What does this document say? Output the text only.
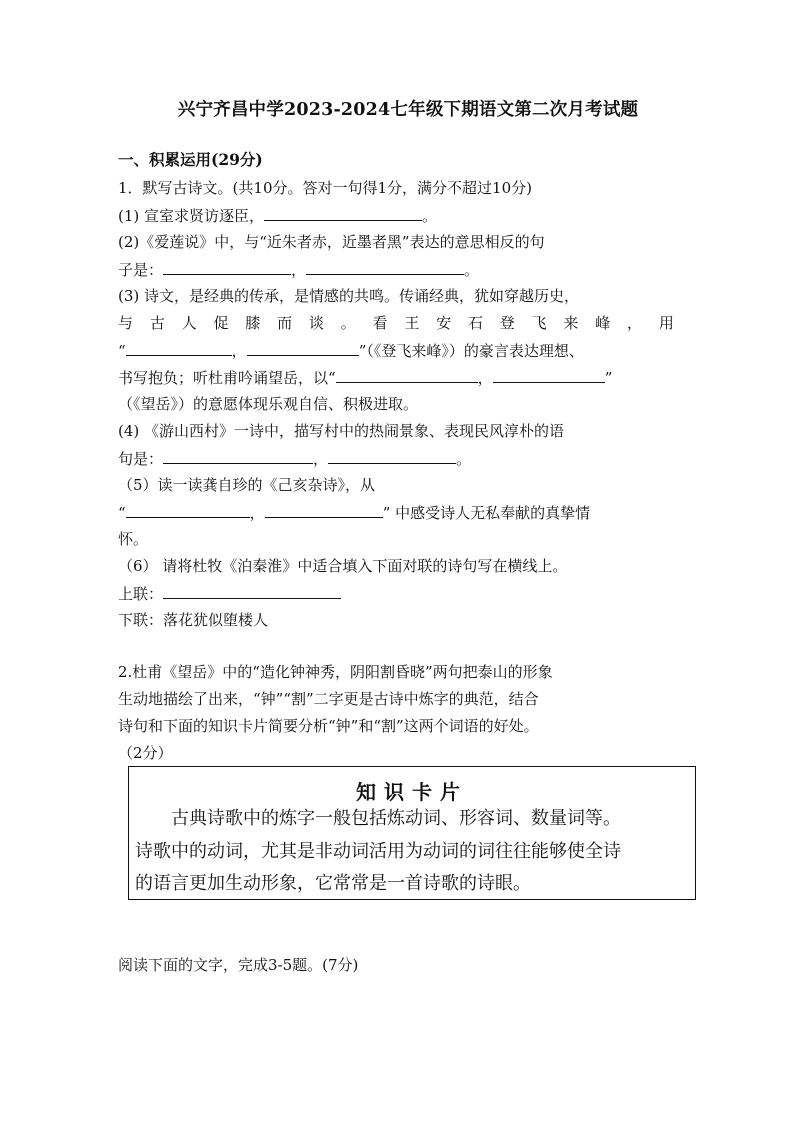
兴宁齐昌中学2023-2024七年级下期语文第二次月考试题
一、积累运用(29分)
1．默写古诗文。(共10分。答对一句得1分，满分不超过10分)
(1) 宣室求贤访逐臣，	。
(2)《爱莲说》中，与“近朱者赤，近墨者黑”表达的意思相反的句
子是：	，	。
(3) 诗文，是经典的传承，是情感的共鸣。传诵经典，犹如穿越历史，
与 古 人 促 膝 而 谈 。 看 王 安 石 登 飞 来 峰 ， 用
“	，	”（《登飞来峰》）的豪言表达理想、
书写抱负；听杜甫吟诵望岳，以“	，	”
（《望岳》）的意愿体现乐观自信、积极进取。
(4) 《游山西村》一诗中，描写村中的热闹景象、表现民风淳朴的语
句是：	，	。
（5）读一读龚自珍的《己亥杂诗》，从
“	，	” 中感受诗人无私奉献的真挚情
怀。
（6） 请将杜牧《泊秦淮》中适合填入下面对联的诗句写在横线上。
上联：
下联：落花犹似堕楼人
2.杜甫《望岳》中的“造化钟神秀，阴阳割昏晓”两句把泰山的形象
生动地描绘了出来，“钟”“割”二字更是古诗中炼字的典范，结合
诗句和下面的知识卡片简要分析“钟”和“割”这两个词语的好处。
（2分）
知识卡片
古典诗歌中的炼字一般包括炼动词、形容词、数量词等。
诗歌中的动词，尤其是非动词活用为动词的词往往能够使全诗
的语言更加生动形象，它常常是一首诗歌的诗眼。
阅读下面的文字，完成3-5题。(7分)
